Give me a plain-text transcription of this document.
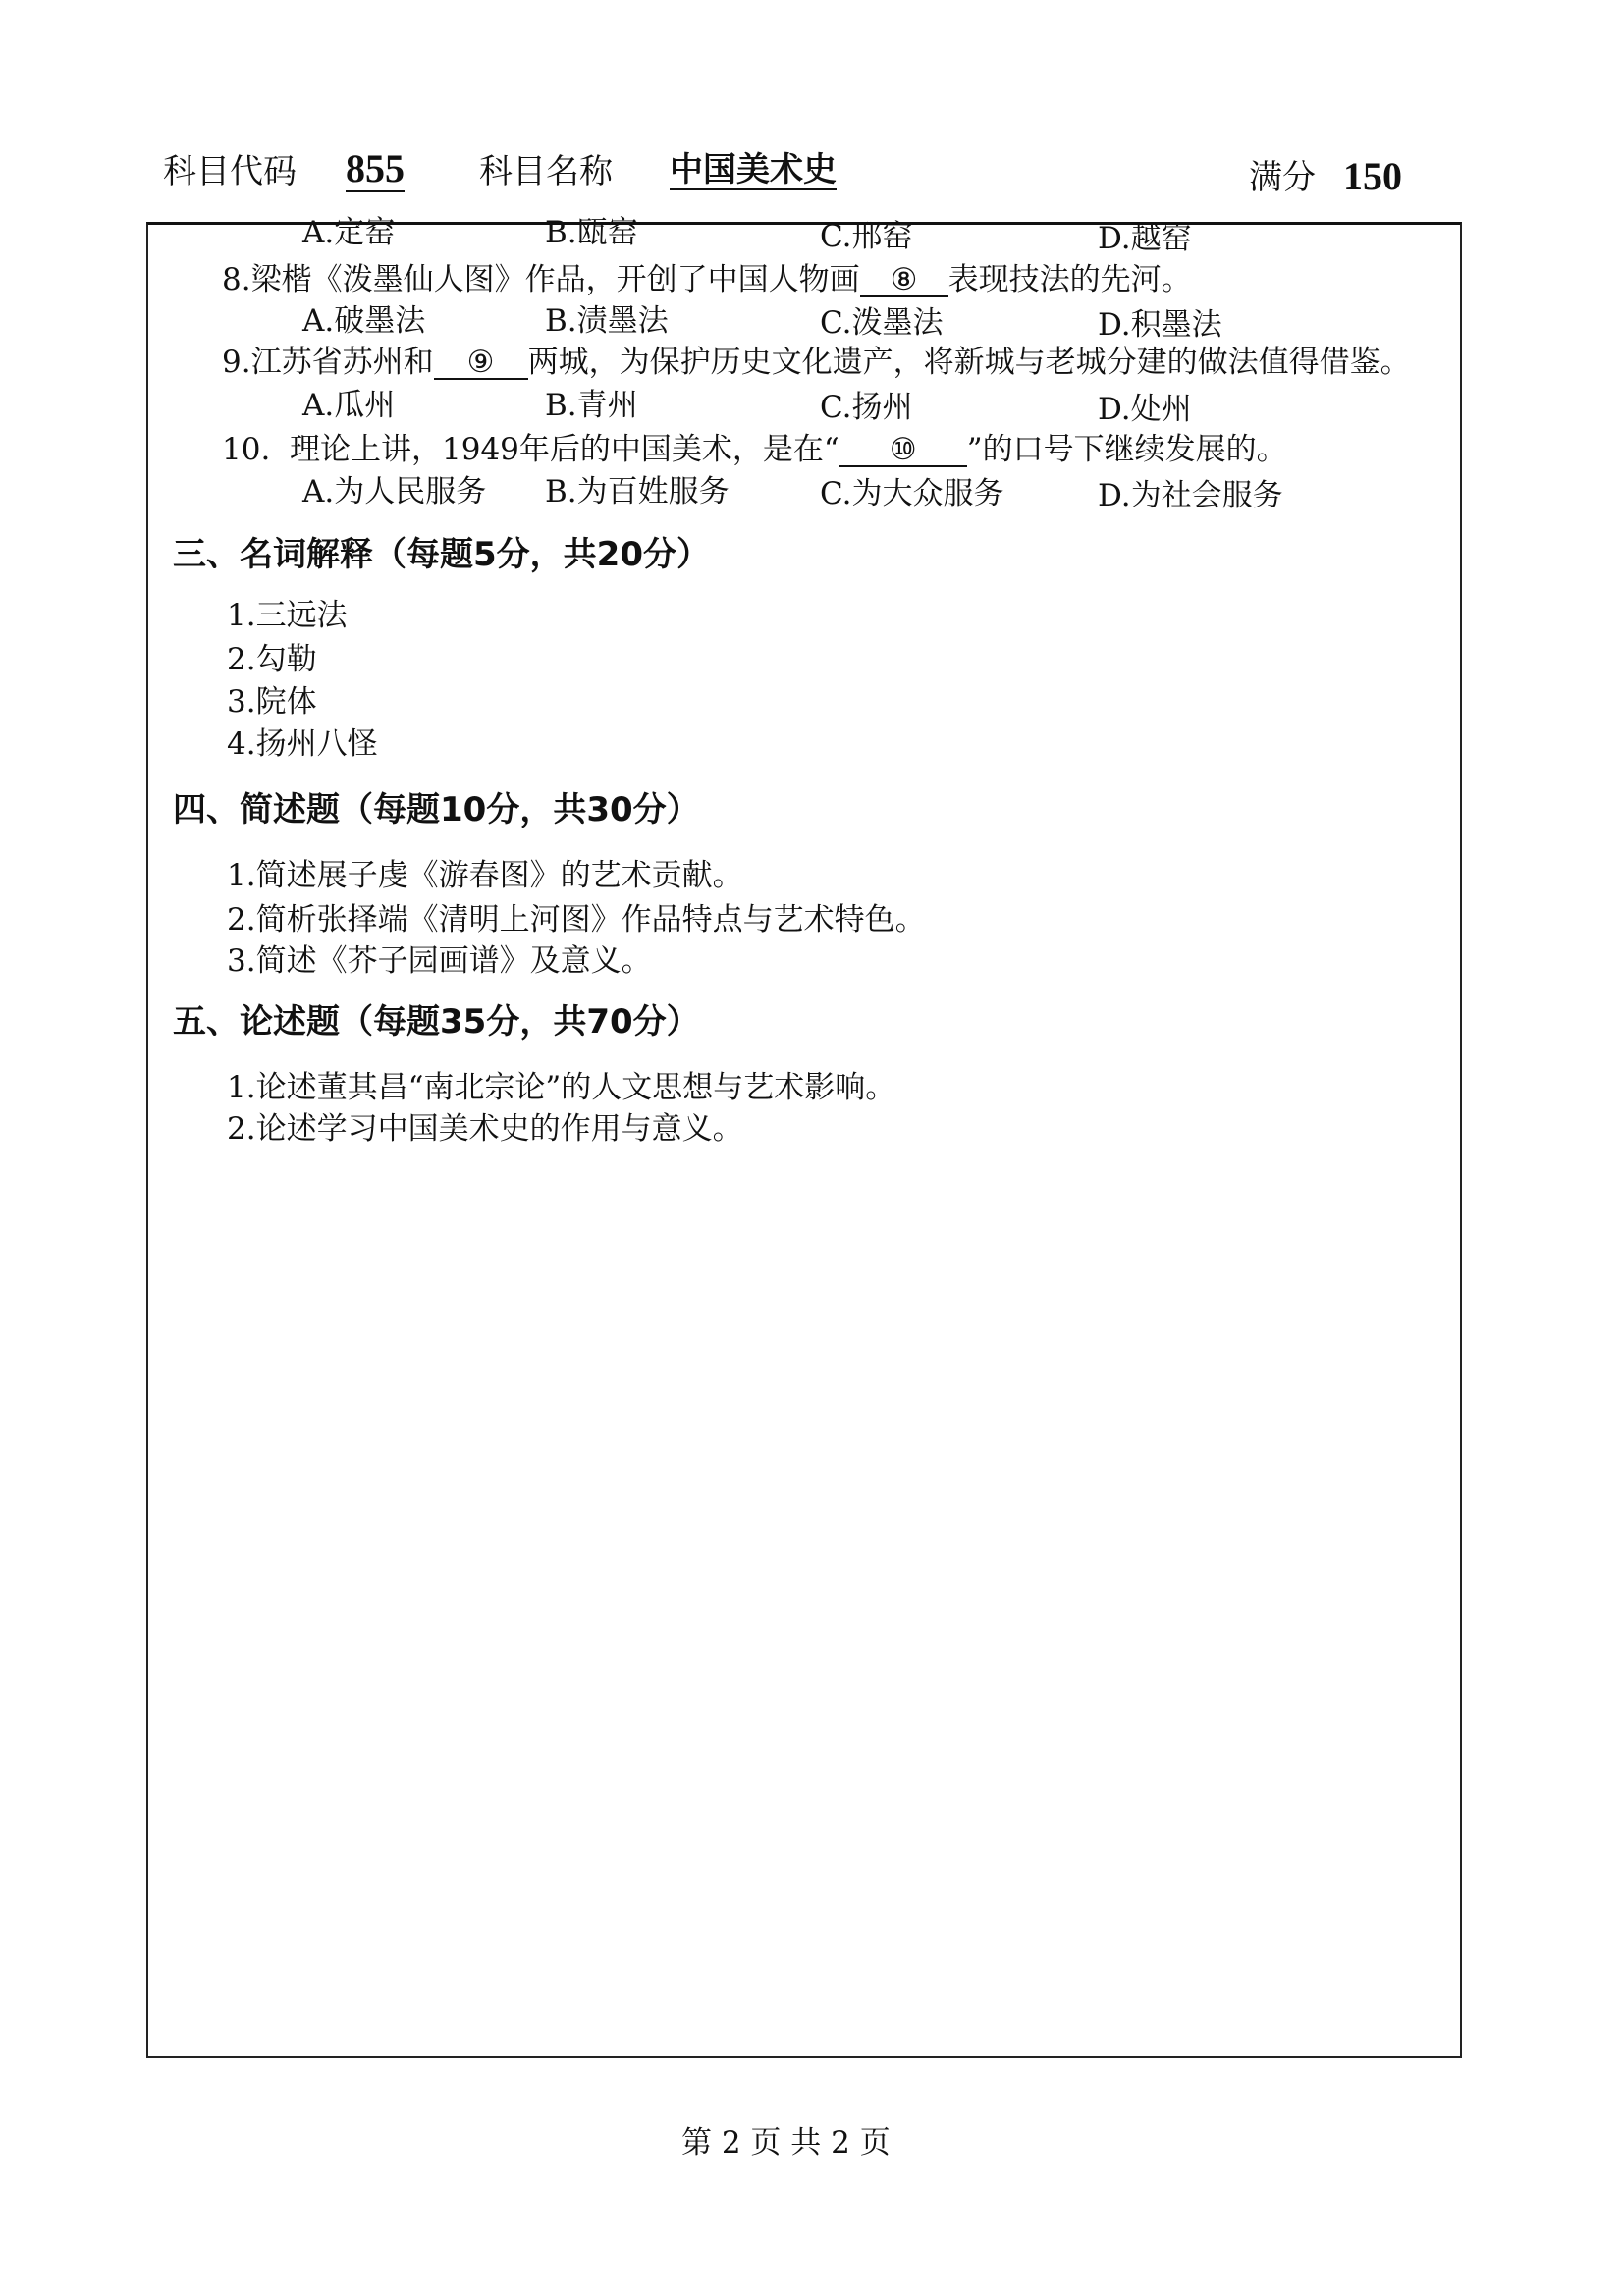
科目代码 855 科目名称 中国美术史	满分 150
A.定窑	B.瓯窑	C.邢窑	D.越窑
8.梁楷《泼墨仙人图》作品，开创了中国人物画 ⑧ 表现技法的先河。
A.破墨法	B.渍墨法	C.泼墨法	D.积墨法
9.江苏省苏州和 ⑨ 两城，为保护历史文化遗产，将新城与老城分建的做法值得借鉴。
A.瓜州	B.青州	C.扬州	D.处州
10.  理论上讲，1949年后的中国美术，是在“ ⑩ ”的口号下继续发展的。
A.为人民服务 B.为百姓服务	C.为大众服务	D.为社会服务
三、名词解释（每题5分，共20分）
1.三远法
2.勾勒
3.院体
4.扬州八怪
四、简述题（每题10分，共30分）
1.简述展子虔《游春图》的艺术贡献。
2.简析张择端《清明上河图》作品特点与艺术特色。
3.简述《芥子园画谱》及意义。
五、论述题（每题35分，共70分）
1.论述董其昌“南北宗论”的人文思想与艺术影响。
2.论述学习中国美术史的作用与意义。
第 2 页 共 2 页
